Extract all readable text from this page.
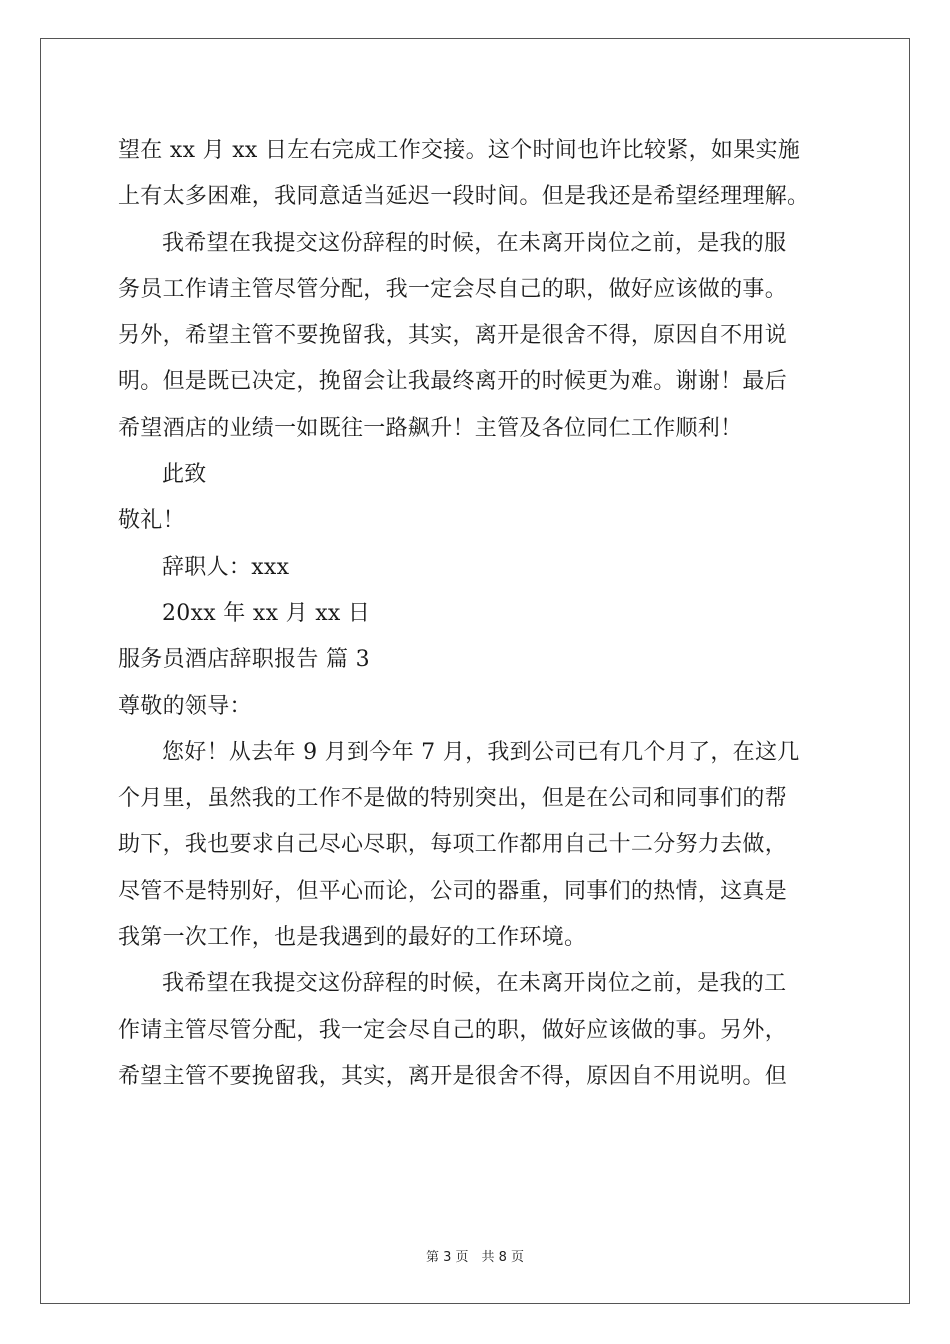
望在 xx 月 xx 日左右完成工作交接。这个时间也许比较紧，如果实施
上有太多困难，我同意适当延迟一段时间。但是我还是希望经理理解。
我希望在我提交这份辞程的时候，在未离开岗位之前，是我的服
务员工作请主管尽管分配，我一定会尽自己的职，做好应该做的事。
另外，希望主管不要挽留我，其实，离开是很舍不得，原因自不用说
明。但是既已决定，挽留会让我最终离开的时候更为难。谢谢！最后
希望酒店的业绩一如既往一路飙升！主管及各位同仁工作顺利！
此致
敬礼！
辞职人：xxx
20xx 年 xx 月 xx 日
服务员酒店辞职报告 篇 3
尊敬的领导：
您好！从去年 9 月到今年 7 月，我到公司已有几个月了，在这几
个月里，虽然我的工作不是做的特别突出，但是在公司和同事们的帮
助下，我也要求自己尽心尽职，每项工作都用自己十二分努力去做，
尽管不是特别好，但平心而论，公司的器重，同事们的热情，这真是
我第一次工作，也是我遇到的最好的工作环境。
我希望在我提交这份辞程的时候，在未离开岗位之前，是我的工
作请主管尽管分配，我一定会尽自己的职，做好应该做的事。另外，
希望主管不要挽留我，其实，离开是很舍不得，原因自不用说明。但
第 3 页　共 8 页
